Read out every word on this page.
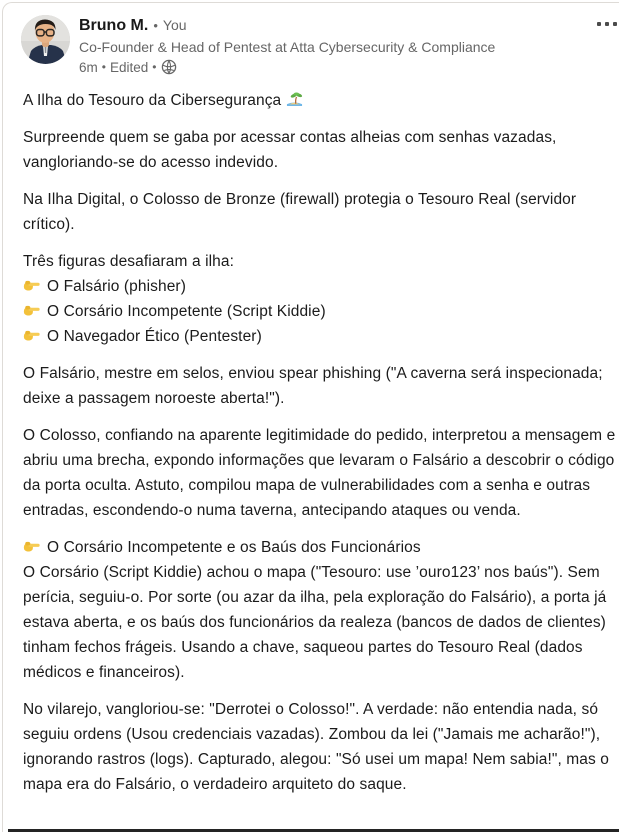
Bruno M. • You
Co-Founder & Head of Pentest at Atta Cybersecurity & Compliance
6m • Edited •
A Ilha do Tesouro da Cibersegurança
Surpreende quem se gaba por acessar contas alheias com senhas vazadas, vangloriando-se do acesso indevido.
Na Ilha Digital, o Colosso de Bronze (firewall) protegia o Tesouro Real (servidor crítico).
Três figuras desafiaram a ilha:
O Falsário (phisher)
O Corsário Incompetente (Script Kiddie)
O Navegador Ético (Pentester)
O Falsário, mestre em selos, enviou spear phishing ("A caverna será inspecionada; deixe a passagem noroeste aberta!").
O Colosso, confiando na aparente legitimidade do pedido, interpretou a mensagem e abriu uma brecha, expondo informações que levaram o Falsário a descobrir o código da porta oculta. Astuto, compilou mapa de vulnerabilidades com a senha e outras entradas, escondendo-o numa taverna, antecipando ataques ou venda.
O Corsário Incompetente e os Baús dos Funcionários
O Corsário (Script Kiddie) achou o mapa ("Tesouro: use ’ouro123’ nos baús"). Sem perícia, seguiu-o. Por sorte (ou azar da ilha, pela exploração do Falsário), a porta já estava aberta, e os baús dos funcionários da realeza (bancos de dados de clientes) tinham fechos frágeis. Usando a chave, saqueou partes do Tesouro Real (dados médicos e financeiros).
No vilarejo, vangloriou-se: "Derrotei o Colosso!". A verdade: não entendia nada, só seguiu ordens (Usou credenciais vazadas). Zombou da lei ("Jamais me acharão!"), ignorando rastros (logs). Capturado, alegou: "Só usei um mapa! Nem sabia!", mas o mapa era do Falsário, o verdadeiro arquiteto do saque.
